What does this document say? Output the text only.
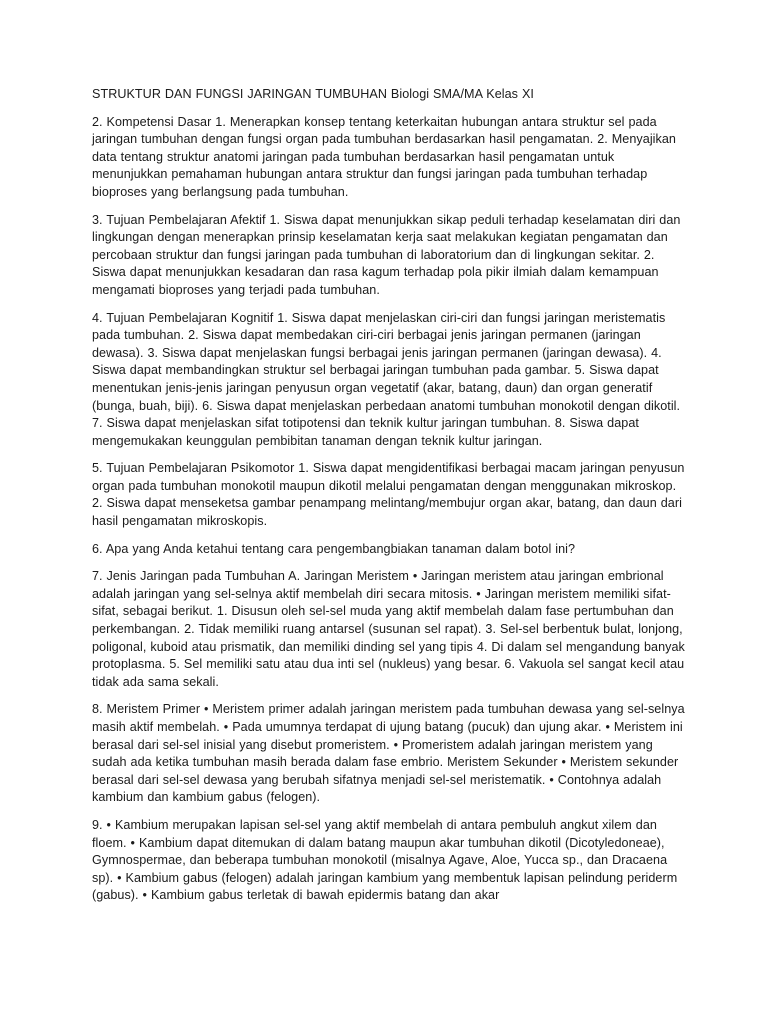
STRUKTUR DAN FUNGSI JARINGAN TUMBUHAN Biologi SMA/MA Kelas XI

2. Kompetensi Dasar 1. Menerapkan konsep tentang keterkaitan hubungan antara struktur sel pada jaringan tumbuhan dengan fungsi organ pada tumbuhan berdasarkan hasil pengamatan. 2. Menyajikan data tentang struktur anatomi jaringan pada tumbuhan berdasarkan hasil pengamatan untuk menunjukkan pemahaman hubungan antara struktur dan fungsi jaringan pada tumbuhan terhadap bioproses yang berlangsung pada tumbuhan.

3. Tujuan Pembelajaran Afektif 1. Siswa dapat menunjukkan sikap peduli terhadap keselamatan diri dan lingkungan dengan menerapkan prinsip keselamatan kerja saat melakukan kegiatan pengamatan dan percobaan struktur dan fungsi jaringan pada tumbuhan di laboratorium dan di lingkungan sekitar. 2. Siswa dapat menunjukkan kesadaran dan rasa kagum terhadap pola pikir ilmiah dalam kemampuan mengamati bioproses yang terjadi pada tumbuhan.

4. Tujuan Pembelajaran Kognitif 1. Siswa dapat menjelaskan ciri-ciri dan fungsi jaringan meristematis pada tumbuhan. 2. Siswa dapat membedakan ciri-ciri berbagai jenis jaringan permanen (jaringan dewasa). 3. Siswa dapat menjelaskan fungsi berbagai jenis jaringan permanen (jaringan dewasa). 4. Siswa dapat membandingkan struktur sel berbagai jaringan tumbuhan pada gambar. 5. Siswa dapat menentukan jenis-jenis jaringan penyusun organ vegetatif (akar, batang, daun) dan organ generatif (bunga, buah, biji). 6. Siswa dapat menjelaskan perbedaan anatomi tumbuhan monokotil dengan dikotil. 7. Siswa dapat menjelaskan sifat totipotensi dan teknik kultur jaringan tumbuhan. 8. Siswa dapat mengemukakan keunggulan pembibitan tanaman dengan teknik kultur jaringan.

5. Tujuan Pembelajaran Psikomotor 1. Siswa dapat mengidentifikasi berbagai macam jaringan penyusun organ pada tumbuhan monokotil maupun dikotil melalui pengamatan dengan menggunakan mikroskop. 2. Siswa dapat menseketsa gambar penampang melintang/membujur organ akar, batang, dan daun dari hasil pengamatan mikroskopis.

6. Apa yang Anda ketahui tentang cara pengembangbiakan tanaman dalam botol ini?

7. Jenis Jaringan pada Tumbuhan A. Jaringan Meristem • Jaringan meristem atau jaringan embrional adalah jaringan yang sel-selnya aktif membelah diri secara mitosis. • Jaringan meristem memiliki sifat-sifat, sebagai berikut. 1. Disusun oleh sel-sel muda yang aktif membelah dalam fase pertumbuhan dan perkembangan. 2. Tidak memiliki ruang antarsel (susunan sel rapat). 3. Sel-sel berbentuk bulat, lonjong, poligonal, kuboid atau prismatik, dan memiliki dinding sel yang tipis 4. Di dalam sel mengandung banyak protoplasma. 5. Sel memiliki satu atau dua inti sel (nukleus) yang besar. 6. Vakuola sel sangat kecil atau tidak ada sama sekali.

8. Meristem Primer • Meristem primer adalah jaringan meristem pada tumbuhan dewasa yang sel-selnya masih aktif membelah. • Pada umumnya terdapat di ujung batang (pucuk) dan ujung akar. • Meristem ini berasal dari sel-sel inisial yang disebut promeristem. • Promeristem adalah jaringan meristem yang sudah ada ketika tumbuhan masih berada dalam fase embrio. Meristem Sekunder • Meristem sekunder berasal dari sel-sel dewasa yang berubah sifatnya menjadi sel-sel meristematik. • Contohnya adalah kambium dan kambium gabus (felogen).

9. • Kambium merupakan lapisan sel-sel yang aktif membelah di antara pembuluh angkut xilem dan floem. • Kambium dapat ditemukan di dalam batang maupun akar tumbuhan dikotil (Dicotyledoneae), Gymnospermae, dan beberapa tumbuhan monokotil (misalnya Agave, Aloe, Yucca sp., dan Dracaena sp). • Kambium gabus (felogen) adalah jaringan kambium yang membentuk lapisan pelindung periderm (gabus). • Kambium gabus terletak di bawah epidermis batang dan akar
